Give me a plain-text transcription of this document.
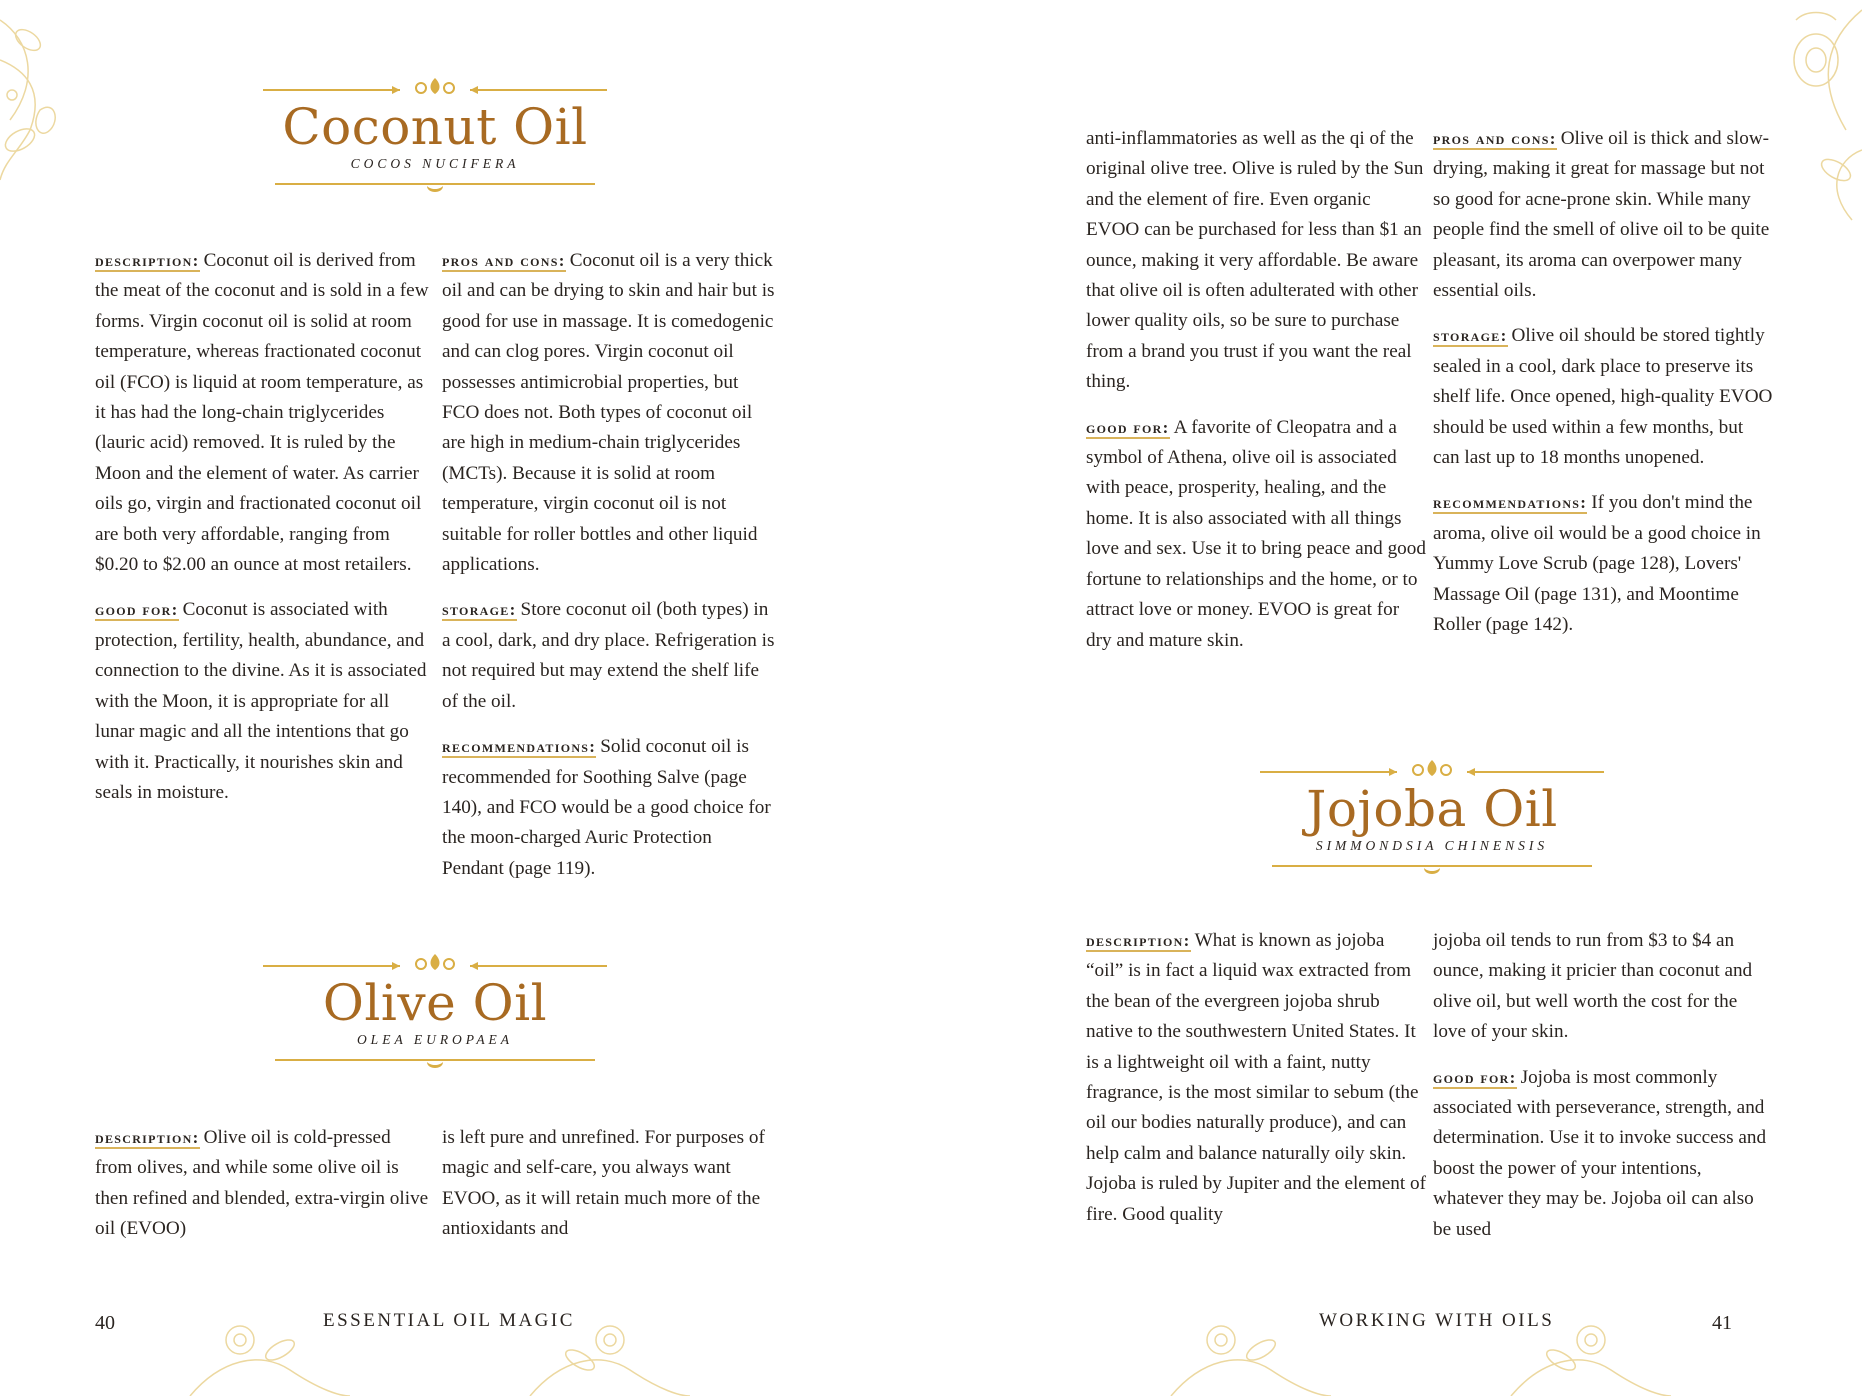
Coconut Oil
COCOS NUCIFERA

description: Coconut oil is derived from the meat of the coconut and is sold in a few forms. Virgin coconut oil is solid at room temperature, whereas fractionated coconut oil (FCO) is liquid at room temperature, as it has had the long-chain triglycerides (lauric acid) removed. It is ruled by the Moon and the element of water. As carrier oils go, virgin and fractionated coconut oil are both very affordable, ranging from $0.20 to $2.00 an ounce at most retailers.

good for: Coconut is associated with protection, fertility, health, abundance, and connection to the divine. As it is associated with the Moon, it is appropriate for all lunar magic and all the intentions that go with it. Practically, it nourishes skin and seals in moisture.

pros and cons: Coconut oil is a very thick oil and can be drying to skin and hair but is good for use in massage. It is comedogenic and can clog pores. Virgin coconut oil possesses antimicrobial properties, but FCO does not. Both types of coconut oil are high in medium-chain triglycerides (MCTs). Because it is solid at room temperature, virgin coconut oil is not suitable for roller bottles and other liquid applications.

storage: Store coconut oil (both types) in a cool, dark, and dry place. Refrigeration is not required but may extend the shelf life of the oil.

recommendations: Solid coconut oil is recommended for Soothing Salve (page 140), and FCO would be a good choice for the moon-charged Auric Protection Pendant (page 119).

Olive Oil
OLEA EUROPAEA

description: Olive oil is cold-pressed from olives, and while some olive oil is then refined and blended, extra-virgin olive oil (EVOO)

is left pure and unrefined. For purposes of magic and self-care, you always want EVOO, as it will retain much more of the antioxidants and

40	ESSENTIAL OIL MAGIC

anti-inflammatories as well as the qi of the original olive tree. Olive is ruled by the Sun and the element of fire. Even organic EVOO can be purchased for less than $1 an ounce, making it very affordable. Be aware that olive oil is often adulterated with other lower quality oils, so be sure to purchase from a brand you trust if you want the real thing.

good for: A favorite of Cleopatra and a symbol of Athena, olive oil is associated with peace, prosperity, healing, and the home. It is also associated with all things love and sex. Use it to bring peace and good fortune to relationships and the home, or to attract love or money. EVOO is great for dry and mature skin.

pros and cons: Olive oil is thick and slow-drying, making it great for massage but not so good for acne-prone skin. While many people find the smell of olive oil to be quite pleasant, its aroma can overpower many essential oils.

storage: Olive oil should be stored tightly sealed in a cool, dark place to preserve its shelf life. Once opened, high-quality EVOO should be used within a few months, but can last up to 18 months unopened.

recommendations: If you don't mind the aroma, olive oil would be a good choice in Yummy Love Scrub (page 128), Lovers' Massage Oil (page 131), and Moontime Roller (page 142).

Jojoba Oil
SIMMONDSIA CHINENSIS

description: What is known as jojoba “oil” is in fact a liquid wax extracted from the bean of the evergreen jojoba shrub native to the southwestern United States. It is a lightweight oil with a faint, nutty fragrance, is the most similar to sebum (the oil our bodies naturally produce), and can help calm and balance naturally oily skin. Jojoba is ruled by Jupiter and the element of fire. Good quality

jojoba oil tends to run from $3 to $4 an ounce, making it pricier than coconut and olive oil, but well worth the cost for the love of your skin.

good for: Jojoba is most commonly associated with perseverance, strength, and determination. Use it to invoke success and boost the power of your intentions, whatever they may be. Jojoba oil can also be used

WORKING WITH OILS	41
